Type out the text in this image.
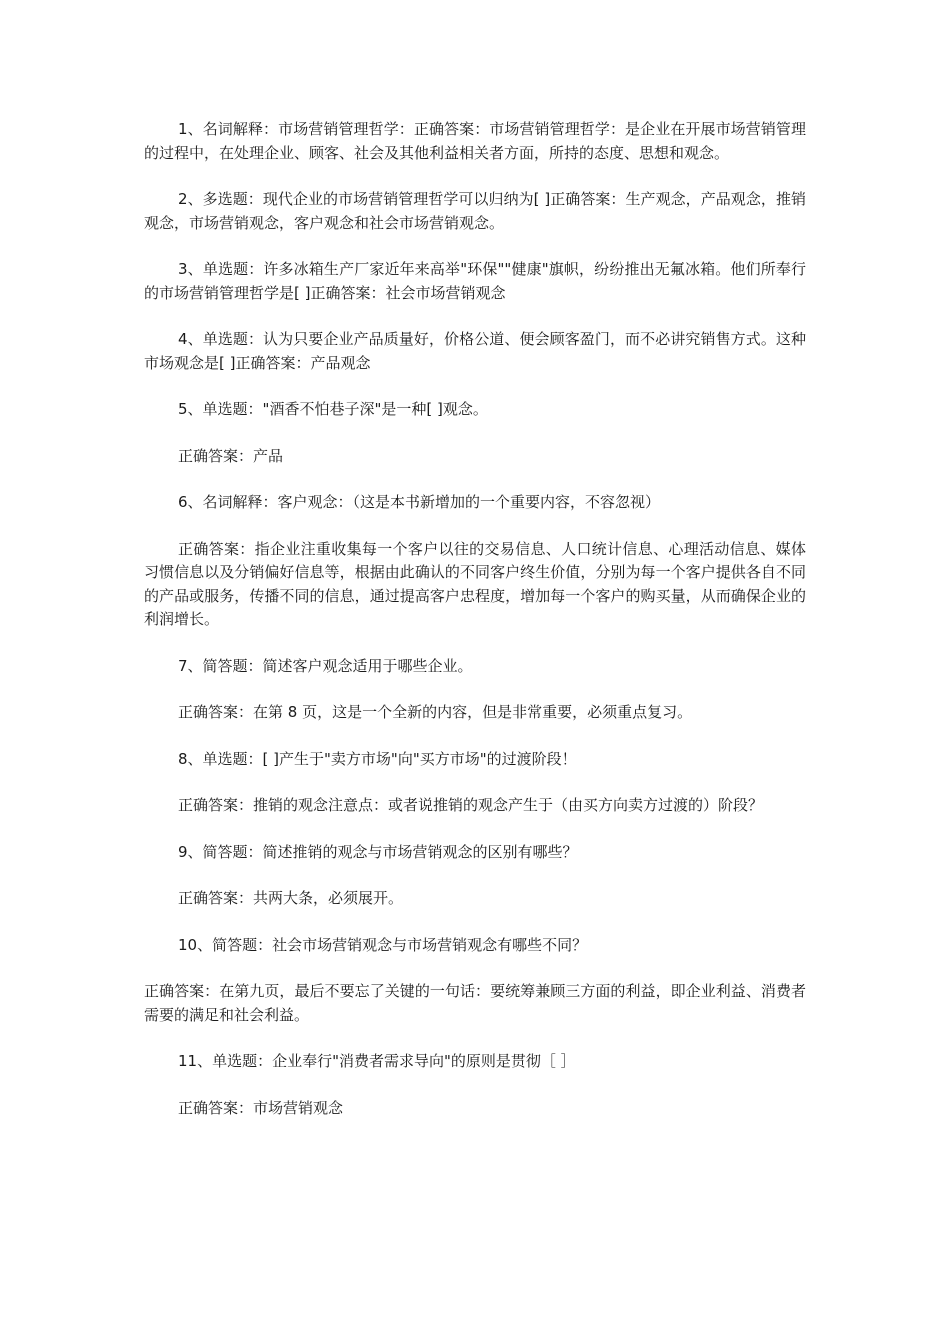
1、名词解释：市场营销管理哲学：正确答案：市场营销管理哲学：是企业在开展市场营销管理的过程中，在处理企业、顾客、社会及其他利益相关者方面，所持的态度、思想和观念。

2、多选题：现代企业的市场营销管理哲学可以归纳为[ ]正确答案：生产观念，产品观念，推销观念，市场营销观念，客户观念和社会市场营销观念。

3、单选题：许多冰箱生产厂家近年来高举"环保""健康"旗帜，纷纷推出无氟冰箱。他们所奉行的市场营销管理哲学是[ ]正确答案：社会市场营销观念

4、单选题：认为只要企业产品质量好，价格公道、便会顾客盈门，而不必讲究销售方式。这种市场观念是[ ]正确答案：产品观念

5、单选题："酒香不怕巷子深"是一种[ ]观念。

正确答案：产品

6、名词解释：客户观念：（这是本书新增加的一个重要内容，不容忽视）

正确答案：指企业注重收集每一个客户以往的交易信息、人口统计信息、心理活动信息、媒体习惯信息以及分销偏好信息等，根据由此确认的不同客户终生价值，分别为每一个客户提供各自不同的产品或服务，传播不同的信息，通过提高客户忠程度，增加每一个客户的购买量，从而确保企业的利润增长。

7、简答题：简述客户观念适用于哪些企业。

正确答案：在第 8 页，这是一个全新的内容，但是非常重要，必须重点复习。

8、单选题：[ ]产生于"卖方市场"向"买方市场"的过渡阶段！

正确答案：推销的观念注意点：或者说推销的观念产生于（由买方向卖方过渡的）阶段？

9、简答题：简述推销的观念与市场营销观念的区别有哪些？

正确答案：共两大条，必须展开。

10、简答题：社会市场营销观念与市场营销观念有哪些不同？

正确答案：在第九页，最后不要忘了关键的一句话：要统筹兼顾三方面的利益，即企业利益、消费者需要的满足和社会利益。

11、单选题：企业奉行"消费者需求导向"的原则是贯彻［ ］

正确答案：市场营销观念
